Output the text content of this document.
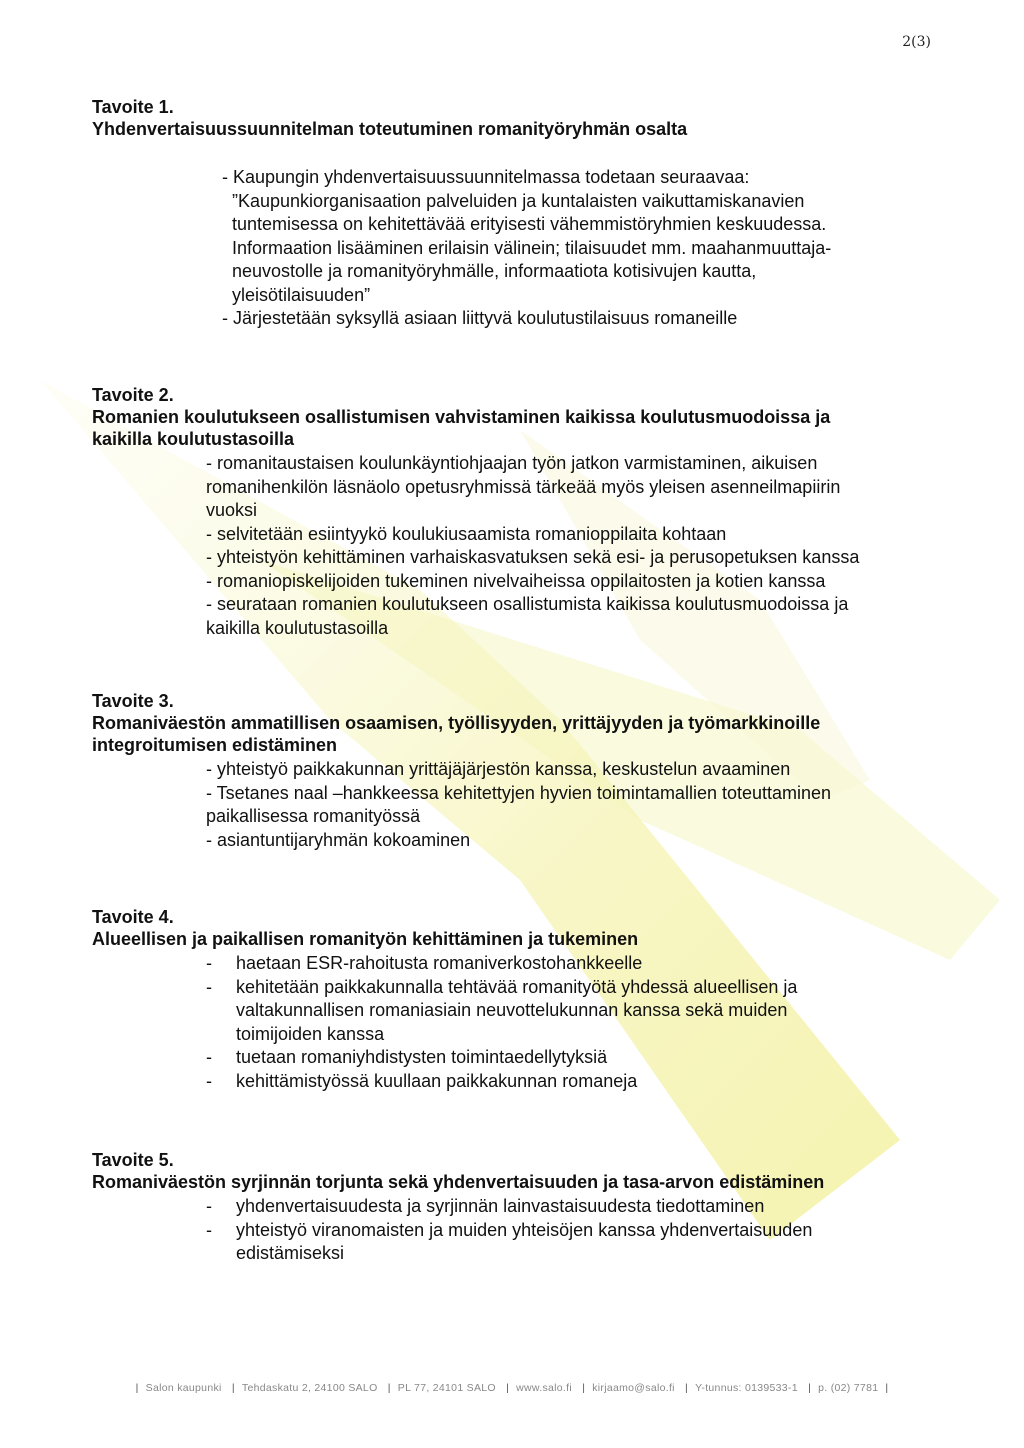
2(3)

Tavoite 1.

Yhdenvertaisuussuunnitelman toteutuminen romanityöryhmän osalta

- Kaupungin yhdenvertaisuussuunnitelmassa todetaan seuraavaa:
”Kaupunkiorganisaation palveluiden ja kuntalaisten vaikuttamiskanavien
tuntemisessa on kehitettävää erityisesti vähemmistöryhmien keskuudessa.
Informaation lisääminen erilaisin välinein; tilaisuudet mm. maahanmuuttaja-
neuvostolle ja romanityöryhmälle, informaatiota kotisivujen kautta,
yleisötilaisuuden”
- Järjestetään syksyllä asiaan liittyvä koulutustilaisuus romaneille

Tavoite 2.

Romanien koulutukseen osallistumisen vahvistaminen kaikissa koulutusmuodoissa ja

kaikilla koulutustasoilla

- romanitaustaisen koulunkäyntiohjaajan työn jatkon varmistaminen, aikuisen
romanihenkilön läsnäolo opetusryhmissä tärkeää myös yleisen asenneilmapiirin
vuoksi
- selvitetään esiintyykö koulukiusaamista romanioppilaita kohtaan
- yhteistyön kehittäminen varhaiskasvatuksen sekä esi- ja perusopetuksen kanssa
- romaniopiskelijoiden tukeminen nivelvaiheissa oppilaitosten ja kotien kanssa
- seurataan romanien koulutukseen osallistumista kaikissa koulutusmuodoissa ja
kaikilla koulutustasoilla

Tavoite 3.

Romaniväestön ammatillisen osaamisen, työllisyyden, yrittäjyyden ja työmarkkinoille

integroitumisen edistäminen

- yhteistyö paikkakunnan yrittäjäjärjestön kanssa, keskustelun avaaminen
- Tsetanes naal –hankkeessa kehitettyjen hyvien toimintamallien toteuttaminen
paikallisessa romanityössä
- asiantuntijaryhmän kokoaminen

Tavoite 4.

Alueellisen ja paikallisen romanityön kehittäminen ja tukeminen

-	haetaan ESR-rahoitusta romaniverkostohankkeelle
-	kehitetään paikkakunnalla tehtävää romanityötä yhdessä alueellisen ja
valtakunnallisen romaniasiain neuvottelukunnan kanssa sekä muiden
toimijoiden kanssa
-	tuetaan romaniyhdistysten toimintaedellytyksiä
-	kehittämistyössä kuullaan paikkakunnan romaneja

Tavoite 5.

Romaniväestön syrjinnän torjunta sekä yhdenvertaisuuden ja tasa-arvon edistäminen

-	yhdenvertaisuudesta ja syrjinnän lainvastaisuudesta tiedottaminen
-	yhteistyö viranomaisten ja muiden yhteisöjen kanssa yhdenvertaisuuden
edistämiseksi
| Salon kaupunki | Tehdaskatu 2, 24100 SALO | PL 77, 24101 SALO | www.salo.fi | kirjaamo@salo.fi | Y-tunnus: 0139533-1 | p. (02) 7781 |
